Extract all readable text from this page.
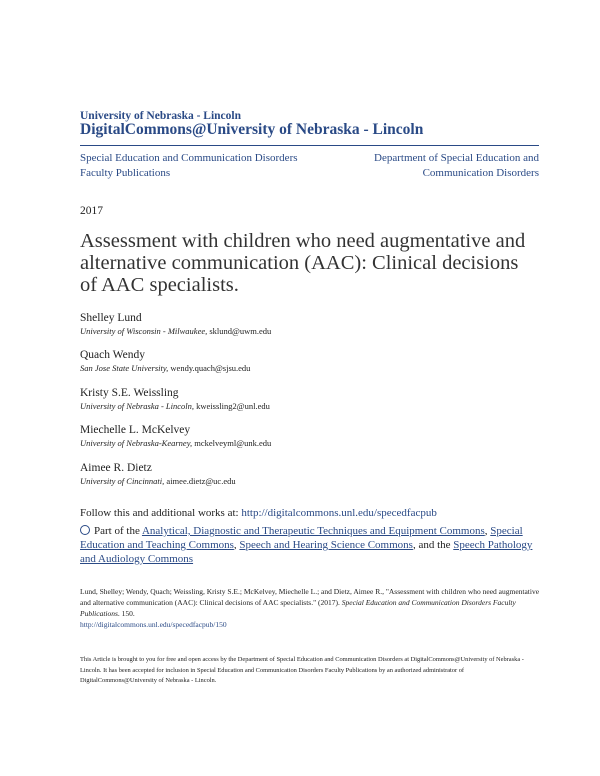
University of Nebraska - Lincoln
DigitalCommons@University of Nebraska - Lincoln
Special Education and Communication Disorders
Faculty Publications
Department of Special Education and
Communication Disorders
2017
Assessment with children who need augmentative and alternative communication (AAC): Clinical decisions of AAC specialists.
Shelley Lund
University of Wisconsin - Milwaukee, sklund@uwm.edu
Quach Wendy
San Jose State University, wendy.quach@sjsu.edu
Kristy S.E. Weissling
University of Nebraska - Lincoln, kweissling2@unl.edu
Miechelle L. McKelvey
University of Nebraska-Kearney, mckelveyml@unk.edu
Aimee R. Dietz
University of Cincinnati, aimee.dietz@uc.edu
Follow this and additional works at: http://digitalcommons.unl.edu/specedfacpub
Part of the Analytical, Diagnostic and Therapeutic Techniques and Equipment Commons, Special Education and Teaching Commons, Speech and Hearing Science Commons, and the Speech Pathology and Audiology Commons
Lund, Shelley; Wendy, Quach; Weissling, Kristy S.E.; McKelvey, Miechelle L.; and Dietz, Aimee R., "Assessment with children who need augmentative and alternative communication (AAC): Clinical decisions of AAC specialists." (2017). Special Education and Communication Disorders Faculty Publications. 150.
http://digitalcommons.unl.edu/specedfacpub/150
This Article is brought to you for free and open access by the Department of Special Education and Communication Disorders at DigitalCommons@University of Nebraska - Lincoln. It has been accepted for inclusion in Special Education and Communication Disorders Faculty Publications by an authorized administrator of DigitalCommons@University of Nebraska - Lincoln.
